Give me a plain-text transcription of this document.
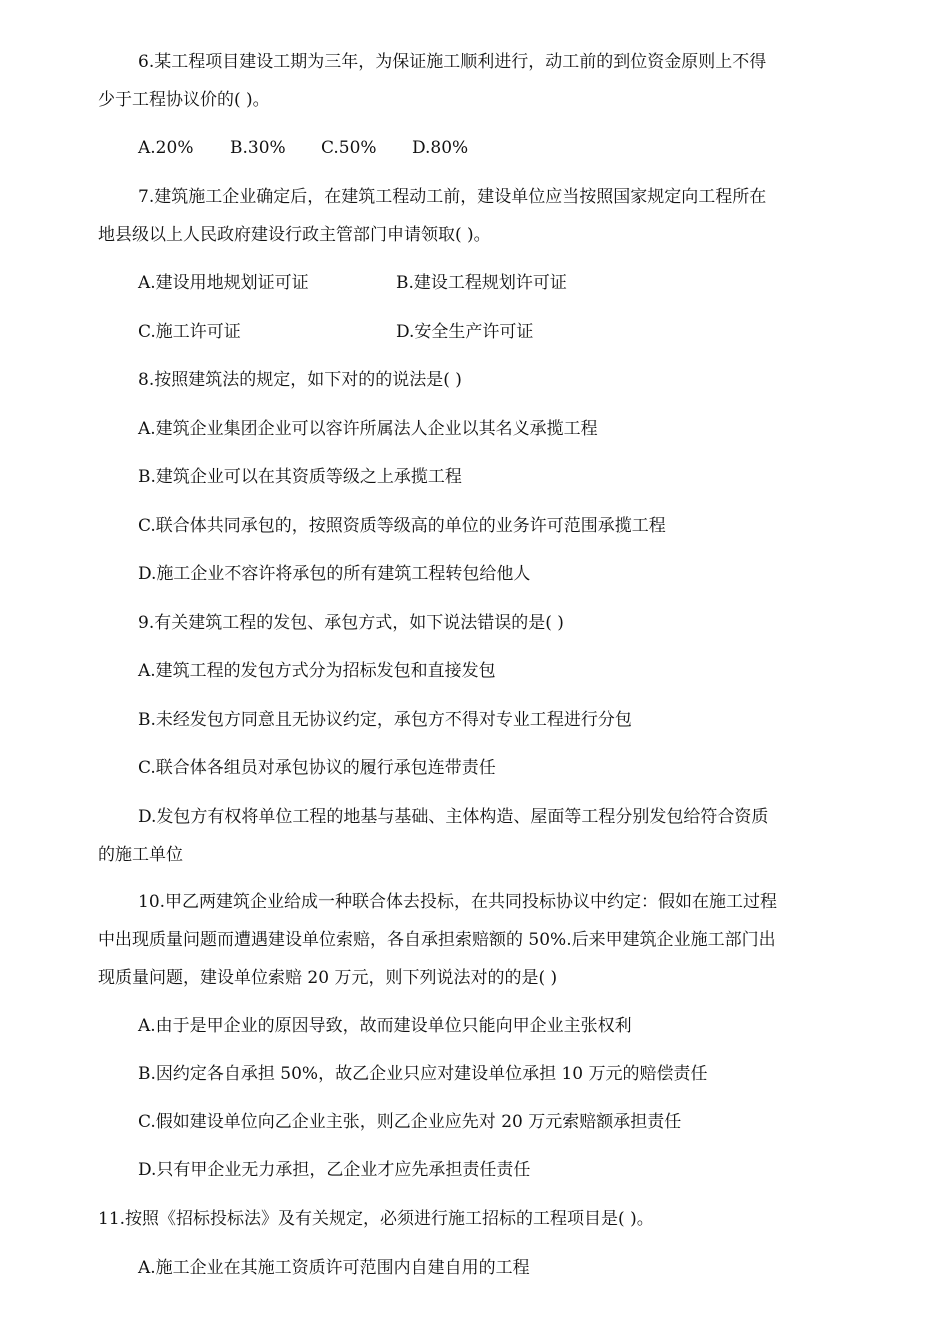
6.某工程项目建设工期为三年，为保证施工顺利进行，动工前的到位资金原则上不得
少于工程协议价的( )。
A.20% B.30% C.50% D.80%
7.建筑施工企业确定后，在建筑工程动工前，建设单位应当按照国家规定向工程所在
地县级以上人民政府建设行政主管部门申请领取( )。
A.建设用地规划证可证	B.建设工程规划许可证
C.施工许可证	D.安全生产许可证
8.按照建筑法的规定，如下对的的说法是( )
A.建筑企业集团企业可以容许所属法人企业以其名义承揽工程
B.建筑企业可以在其资质等级之上承揽工程
C.联合体共同承包的，按照资质等级高的单位的业务许可范围承揽工程
D.施工企业不容许将承包的所有建筑工程转包给他人
9.有关建筑工程的发包、承包方式，如下说法错误的是( )
A.建筑工程的发包方式分为招标发包和直接发包
B.未经发包方同意且无协议约定，承包方不得对专业工程进行分包
C.联合体各组员对承包协议的履行承包连带责任
D.发包方有权将单位工程的地基与基础、主体构造、屋面等工程分别发包给符合资质
的施工单位
10.甲乙两建筑企业给成一种联合体去投标，在共同投标协议中约定：假如在施工过程
中出现质量问题而遭遇建设单位索赔，各自承担索赔额的 50%.后来甲建筑企业施工部门出
现质量问题，建设单位索赔 20 万元，则下列说法对的的是( )
A.由于是甲企业的原因导致，故而建设单位只能向甲企业主张权利
B.因约定各自承担 50%，故乙企业只应对建设单位承担 10 万元的赔偿责任
C.假如建设单位向乙企业主张，则乙企业应先对 20 万元索赔额承担责任
D.只有甲企业无力承担，乙企业才应先承担责任责任
11.按照《招标投标法》及有关规定，必须进行施工招标的工程项目是( )。
A.施工企业在其施工资质许可范围内自建自用的工程
